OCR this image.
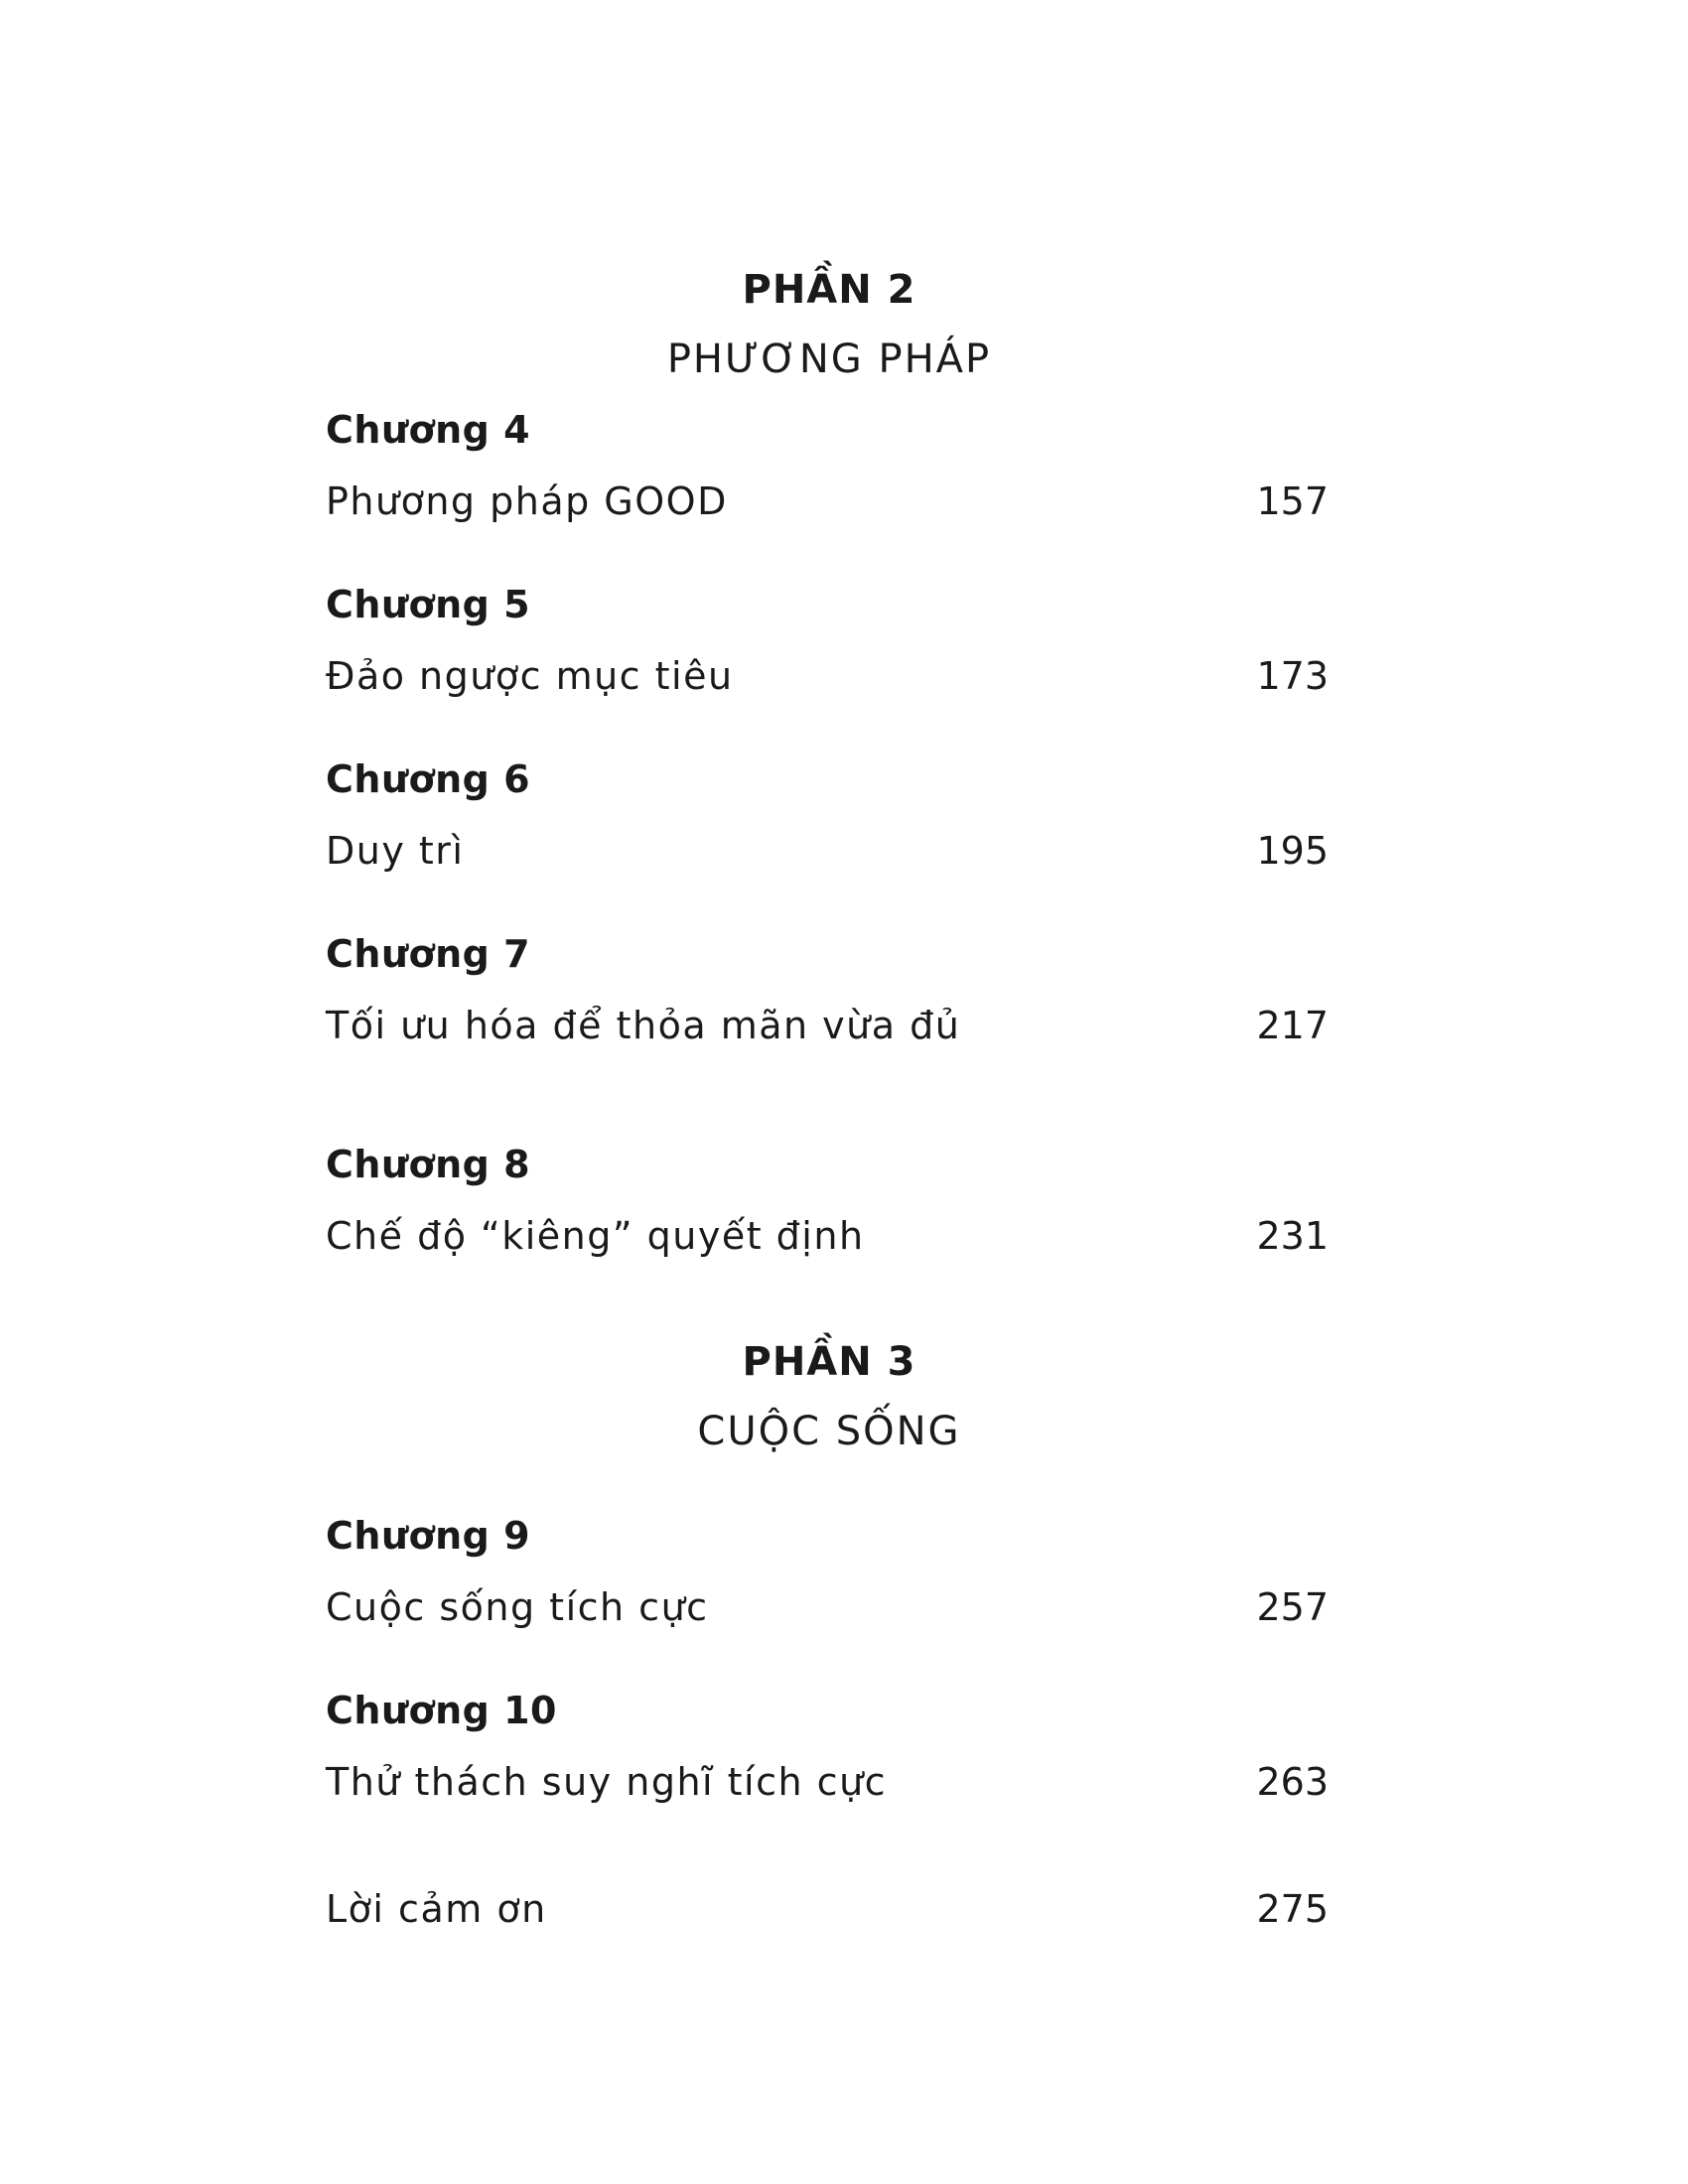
PHẦN 2
PHƯƠNG PHÁP
Chương 4
Phương pháp GOOD	157
Chương 5
Đảo ngược mục tiêu	173
Chương 6
Duy trì	195
Chương 7
Tối ưu hóa để thỏa mãn vừa đủ	217
Chương 8
Chế độ “kiêng” quyết định	231
PHẦN 3
CUỘC SỐNG
Chương 9
Cuộc sống tích cực	257
Chương 10
Thử thách suy nghĩ tích cực	263
Lời cảm ơn	275
